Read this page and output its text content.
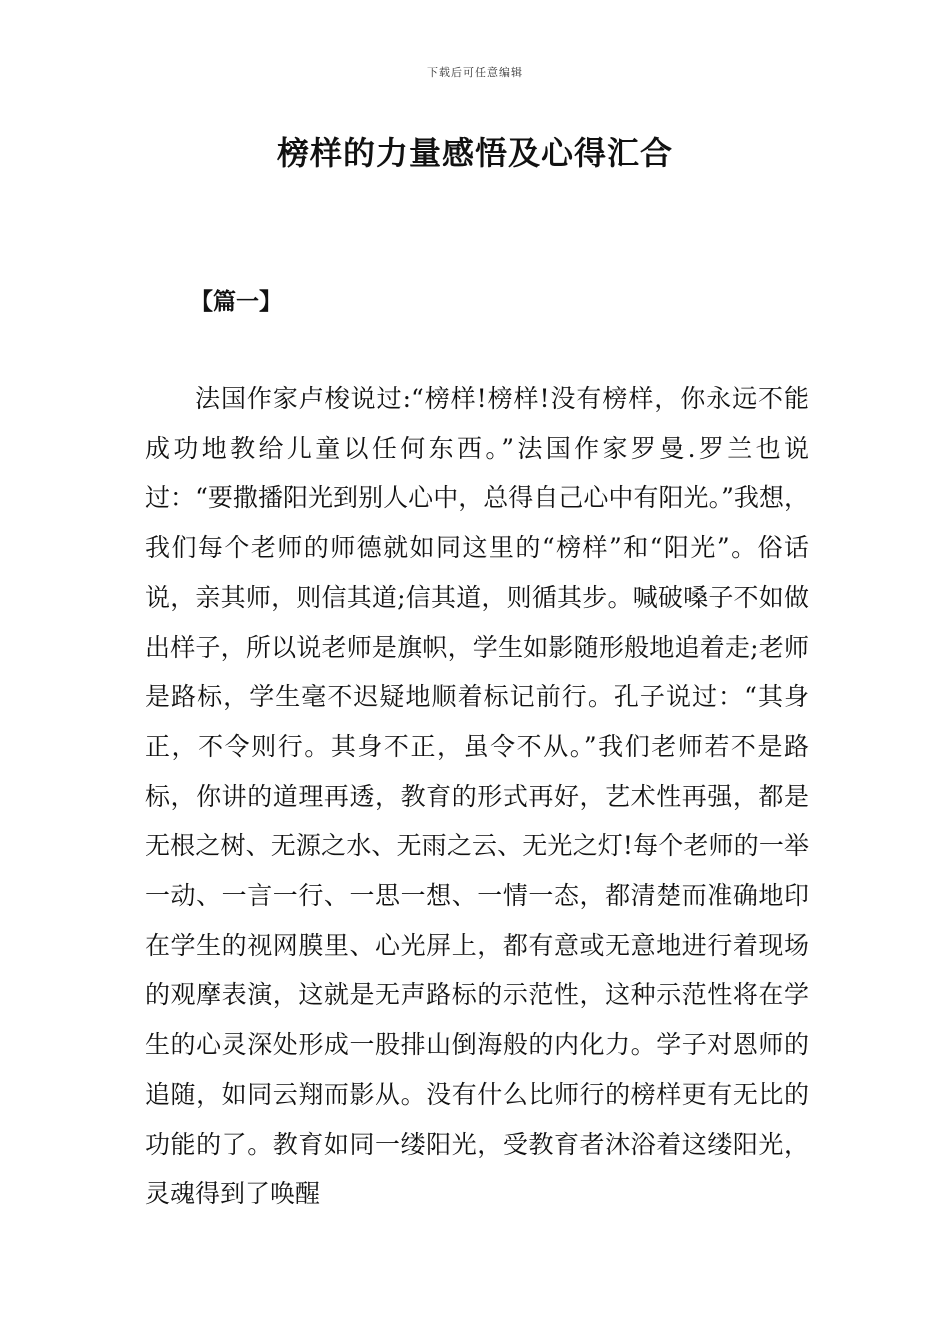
下载后可任意编辑
榜样的力量感悟及心得汇合
【篇一】

法国作家卢梭说过:“榜样!榜样!没有榜样，你永远不能成功地教给儿童以任何东西。”法国作家罗曼.罗兰也说过：“要撒播阳光到别人心中，总得自己心中有阳光。”我想，我们每个老师的师德就如同这里的“榜样”和“阳光”。俗话说，亲其师，则信其道;信其道，则循其步。喊破嗓子不如做出样子，所以说老师是旗帜，学生如影随形般地追着走;老师是路标，学生毫不迟疑地顺着标记前行。孔子说过：“其身正，不令则行。其身不正，虽令不从。”我们老师若不是路标，你讲的道理再透，教育的形式再好，艺术性再强，都是无根之树、无源之水、无雨之云、无光之灯!每个老师的一举一动、一言一行、一思一想、一情一态，都清楚而准确地印在学生的视网膜里、心光屏上，都有意或无意地进行着现场的观摩表演，这就是无声路标的示范性，这种示范性将在学生的心灵深处形成一股排山倒海般的内化力。学子对恩师的追随，如同云翔而影从。没有什么比师行的榜样更有无比的功能的了。教育如同一缕阳光，受教育者沐浴着这缕阳光，灵魂得到了唤醒
